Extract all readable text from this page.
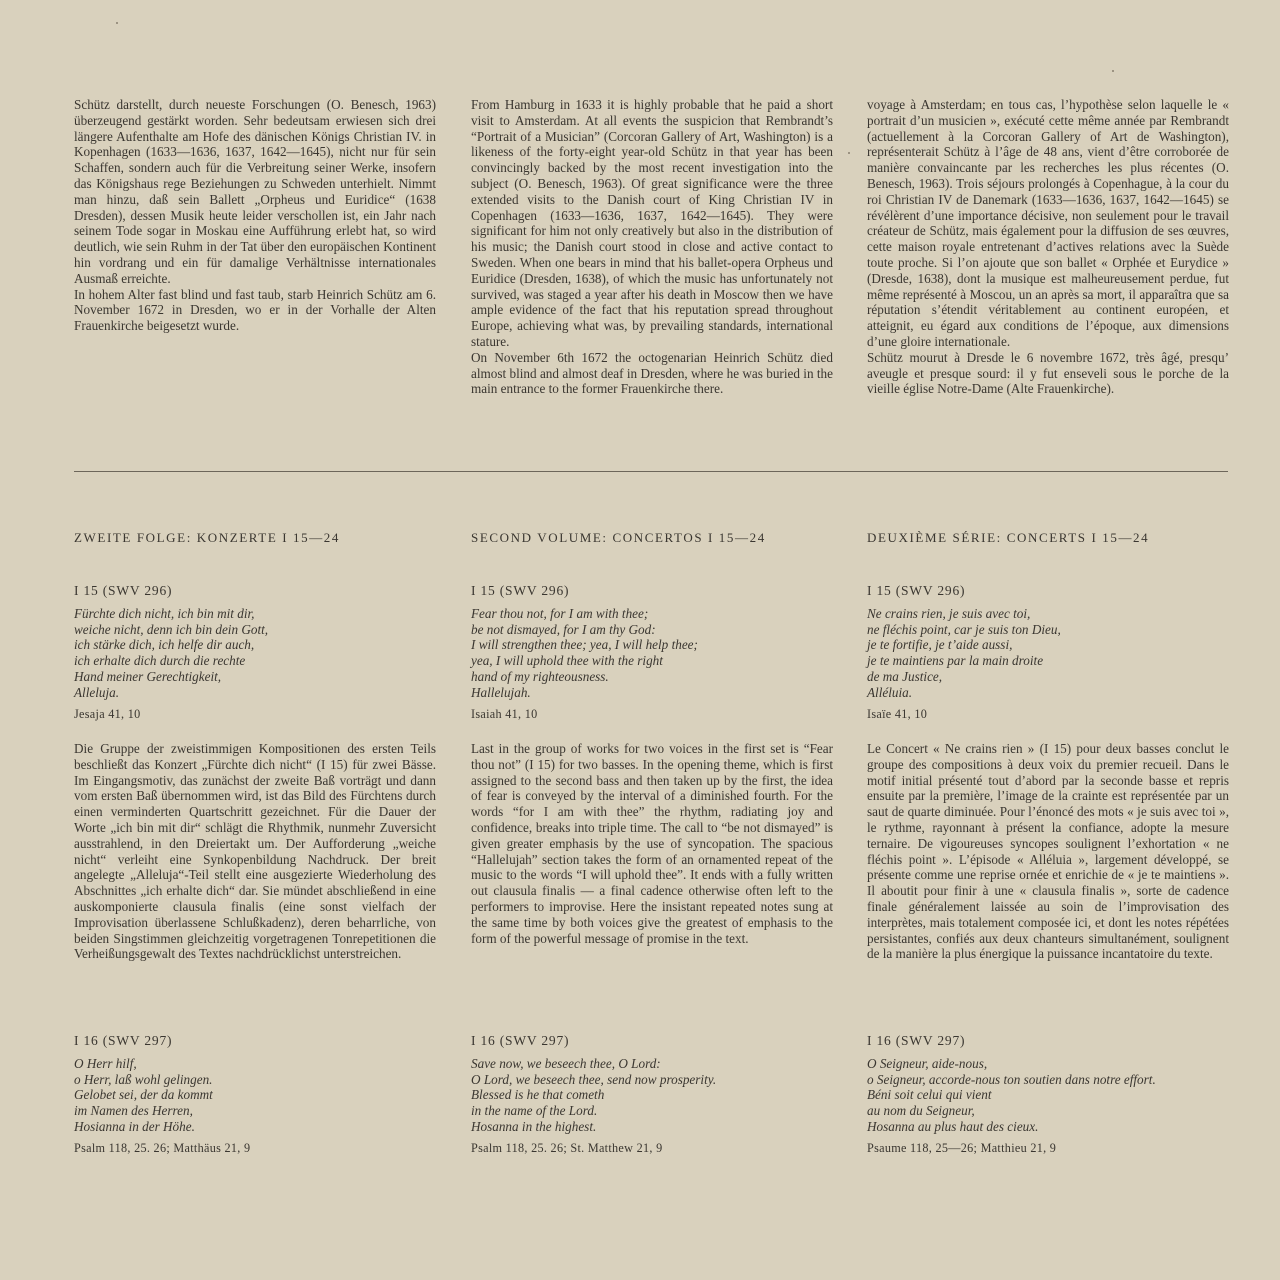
Schütz darstellt, durch neueste Forschungen (O. Benesch, 1963) überzeugend gestärkt worden. Sehr bedeutsam erwiesen sich drei längere Aufenthalte am Hofe des dänischen Königs Christian IV. in Kopenhagen (1633—1636, 1637, 1642—1645), nicht nur für sein Schaffen, sondern auch für die Verbreitung seiner Werke, insofern das Königshaus rege Beziehungen zu Schweden unterhielt. Nimmt man hinzu, daß sein Ballett „Orpheus und Euridice“ (1638 Dresden), dessen Musik heute leider verschollen ist, ein Jahr nach seinem Tode sogar in Moskau eine Aufführung erlebt hat, so wird deutlich, wie sein Ruhm in der Tat über den europäischen Kontinent hin vordrang und ein für damalige Verhältnisse internationales Ausmaß erreichte.
In hohem Alter fast blind und fast taub, starb Heinrich Schütz am 6. November 1672 in Dresden, wo er in der Vorhalle der Alten Frauenkirche beigesetzt wurde.

From Hamburg in 1633 it is highly probable that he paid a short visit to Amsterdam. At all events the suspicion that Rembrandt’s “Portrait of a Musician” (Corcoran Gallery of Art, Washington) is a likeness of the forty-eight year-old Schütz in that year has been convincingly backed by the most recent investigation into the subject (O. Benesch, 1963). Of great significance were the three extended visits to the Danish court of King Christian IV in Copenhagen (1633—1636, 1637, 1642—1645). They were significant for him not only creatively but also in the distribution of his music; the Danish court stood in close and active contact to Sweden. When one bears in mind that his ballet-opera Orpheus und Euridice (Dresden, 1638), of which the music has unfortunately not survived, was staged a year after his death in Moscow then we have ample evidence of the fact that his reputation spread throughout Europe, achieving what was, by prevailing standards, international stature.
On November 6th 1672 the octogenarian Heinrich Schütz died almost blind and almost deaf in Dresden, where he was buried in the main entrance to the former Frauenkirche there.

voyage à Amsterdam; en tous cas, l’hypothèse selon laquelle le « portrait d’un musicien », exécuté cette même année par Rembrandt (actuellement à la Corcoran Gallery of Art de Washington), représenterait Schütz à l’âge de 48 ans, vient d’être corroborée de manière convaincante par les recherches les plus récentes (O. Benesch, 1963). Trois séjours prolongés à Copenhague, à la cour du roi Christian IV de Danemark (1633—1636, 1637, 1642—1645) se révélèrent d’une importance décisive, non seulement pour le travail créateur de Schütz, mais également pour la diffusion de ses œuvres, cette maison royale entretenant d’actives relations avec la Suède toute proche. Si l’on ajoute que son ballet « Orphée et Eurydice » (Dresde, 1638), dont la musique est malheureusement perdue, fut même représenté à Moscou, un an après sa mort, il apparaîtra que sa réputation s’étendit véritablement au continent européen, et atteignit, eu égard aux conditions de l’époque, aux dimensions d’une gloire internationale.
Schütz mourut à Dresde le 6 novembre 1672, très âgé, presqu’ aveugle et presque sourd: il y fut enseveli sous le porche de la vieille église Notre-Dame (Alte Frauenkirche).

ZWEITE FOLGE: KONZERTE I 15—24
I 15 (SWV 296)

Fürchte dich nicht, ich bin mit dir,
weiche nicht, denn ich bin dein Gott,
ich stärke dich, ich helfe dir auch,
ich erhalte dich durch die rechte
Hand meiner Gerechtigkeit,
Alleluja.

Jesaja 41, 10

Die Gruppe der zweistimmigen Kompositionen des ersten Teils beschließt das Konzert „Fürchte dich nicht“ (I 15) für zwei Bässe. Im Eingangsmotiv, das zunächst der zweite Baß vorträgt und dann vom ersten Baß übernommen wird, ist das Bild des Fürchtens durch einen verminderten Quartschritt gezeichnet. Für die Dauer der Worte „ich bin mit dir“ schlägt die Rhythmik, nunmehr Zuversicht ausstrahlend, in den Dreiertakt um. Der Aufforderung „weiche nicht“ verleiht eine Synkopenbildung Nachdruck. Der breit angelegte „Alleluja“-Teil stellt eine ausgezierte Wiederholung des Abschnittes „ich erhalte dich“ dar. Sie mündet abschließend in eine auskomponierte clausula finalis (eine sonst vielfach der Improvisation überlassene Schlußkadenz), deren beharrliche, von beiden Singstimmen gleichzeitig vorgetragenen Tonrepetitionen die Verheißungsgewalt des Textes nachdrücklichst unterstreichen.

I 16 (SWV 297)

O Herr hilf,
o Herr, laß wohl gelingen.
Gelobet sei, der da kommt
im Namen des Herren,
Hosianna in der Höhe.

Psalm 118, 25. 26; Matthäus 21, 9
SECOND VOLUME: CONCERTOS I 15—24
I 15 (SWV 296)

Fear thou not, for I am with thee;
be not dismayed, for I am thy God:
I will strengthen thee; yea, I will help thee;
yea, I will uphold thee with the right
hand of my righteousness.
Hallelujah.

Isaiah 41, 10

Last in the group of works for two voices in the first set is “Fear thou not” (I 15) for two basses. In the opening theme, which is first assigned to the second bass and then taken up by the first, the idea of fear is conveyed by the interval of a diminished fourth. For the words “for I am with thee” the rhythm, radiating joy and confidence, breaks into triple time. The call to “be not dismayed” is given greater emphasis by the use of syncopation. The spacious “Hallelujah” section takes the form of an ornamented repeat of the music to the words “I will uphold thee”. It ends with a fully written out clausula finalis — a final cadence otherwise often left to the performers to improvise. Here the insistant repeated notes sung at the same time by both voices give the greatest of emphasis to the form of the powerful message of promise in the text.

I 16 (SWV 297)

Save now, we beseech thee, O Lord:
O Lord, we beseech thee, send now prosperity.
Blessed is he that cometh
in the name of the Lord.
Hosanna in the highest.

Psalm 118, 25. 26; St. Matthew 21, 9
DEUXIÈME SÉRIE: CONCERTS I 15—24
I 15 (SWV 296)

Ne crains rien, je suis avec toi,
ne fléchis point, car je suis ton Dieu,
je te fortifie, je t’aide aussi,
je te maintiens par la main droite
de ma Justice,
Alléluia.

Isaïe 41, 10

Le Concert « Ne crains rien » (I 15) pour deux basses conclut le groupe des compositions à deux voix du premier recueil. Dans le motif initial présenté tout d’abord par la seconde basse et repris ensuite par la première, l’image de la crainte est représentée par un saut de quarte diminuée. Pour l’énoncé des mots « je suis avec toi », le rythme, rayonnant à présent la confiance, adopte la mesure ternaire. De vigoureuses syncopes soulignent l’exhortation « ne fléchis point ». L’épisode « Alléluia », largement développé, se présente comme une reprise ornée et enrichie de « je te maintiens ». Il aboutit pour finir à une « clausula finalis », sorte de cadence finale généralement laissée au soin de l’improvisation des interprètes, mais totalement composée ici, et dont les notes répétées persistantes, confiés aux deux chanteurs simultanément, soulignent de la manière la plus énergique la puissance incantatoire du texte.

I 16 (SWV 297)

O Seigneur, aide-nous,
o Seigneur, accorde-nous ton soutien dans notre effort.
Béni soit celui qui vient
au nom du Seigneur,
Hosanna au plus haut des cieux.

Psaume 118, 25—26; Matthieu 21, 9
